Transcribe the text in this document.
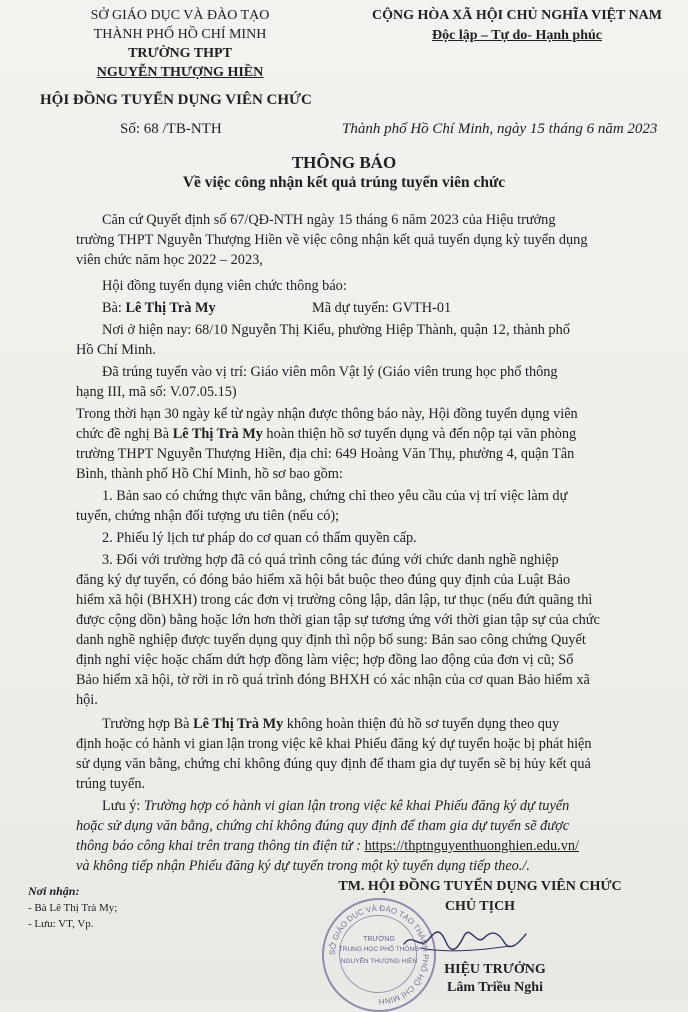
SỞ GIÁO DỤC VÀ ĐÀO TẠO
THÀNH PHỐ HỒ CHÍ MINH
TRƯỜNG THPT
NGUYỄN THƯỢNG HIỀN
HỘI ĐỒNG TUYỂN DỤNG VIÊN CHỨC
Số: 68 /TB-NTH
CỘNG HÒA XÃ HỘI CHỦ NGHĨA VIỆT NAM
Độc lập – Tự do- Hạnh phúc
Thành phố Hồ Chí Minh, ngày 15 tháng 6 năm 2023
THÔNG BÁO
Về việc công nhận kết quả trúng tuyển viên chức
Căn cứ Quyết định số 67/QĐ-NTH ngày 15 tháng 6 năm 2023 của Hiệu trưởng
trường THPT Nguyễn Thượng Hiền về việc công nhận kết quả tuyển dụng kỳ tuyển dụng
viên chức năm học 2022 – 2023,
Hội đồng tuyển dụng viên chức thông báo:
Bà: Lê Thị Trà My	Mã dự tuyển: GVTH-01
Nơi ở hiện nay: 68/10 Nguyễn Thị Kiểu, phường Hiệp Thành, quận 12, thành phố
Hồ Chí Minh.
Đã trúng tuyển vào vị trí: Giáo viên môn Vật lý (Giáo viên trung học phổ thông
hạng III, mã số: V.07.05.15)
Trong thời hạn 30 ngày kể từ ngày nhận được thông báo này, Hội đồng tuyển dụng viên
chức đề nghị Bà Lê Thị Trà My hoàn thiện hồ sơ tuyển dụng và đến nộp tại văn phòng
trường THPT Nguyễn Thượng Hiền, địa chỉ: 649 Hoàng Văn Thụ, phường 4, quận Tân
Bình, thành phố Hồ Chí Minh, hồ sơ bao gồm:
1. Bản sao có chứng thực văn bằng, chứng chỉ theo yêu cầu của vị trí việc làm dự
tuyển, chứng nhận đối tượng ưu tiên (nếu có);
2. Phiếu lý lịch tư pháp do cơ quan có thẩm quyền cấp.
3. Đối với trường hợp đã có quá trình công tác đúng với chức danh nghề nghiệp
đăng ký dự tuyển, có đóng bảo hiểm xã hội bắt buộc theo đúng quy định của Luật Bảo
hiểm xã hội (BHXH) trong các đơn vị trường công lập, dân lập, tư thục (nếu đứt quãng thì
được cộng dồn) bằng hoặc lớn hơn thời gian tập sự tương ứng với thời gian tập sự của chức
danh nghề nghiệp được tuyển dụng quy định thì nộp bổ sung: Bản sao công chứng Quyết
định nghỉ việc hoặc chấm dứt hợp đồng làm việc; hợp đồng lao động của đơn vị cũ; Sổ
Bảo hiểm xã hội, tờ rời in rõ quá trình đóng BHXH có xác nhận của cơ quan Bảo hiểm xã
hội.
Trường hợp Bà Lê Thị Trà My không hoàn thiện đủ hồ sơ tuyển dụng theo quy
định hoặc có hành vi gian lận trong việc kê khai Phiếu đăng ký dự tuyển hoặc bị phát hiện
sử dụng văn bằng, chứng chỉ không đúng quy định để tham gia dự tuyển sẽ bị hủy kết quả
trúng tuyển.
Lưu ý: Trường hợp có hành vi gian lận trong việc kê khai Phiếu đăng ký dự tuyển
hoặc sử dụng văn bằng, chứng chỉ không đúng quy định để tham gia dự tuyển sẽ được
thông báo công khai trên trang thông tin điện tử : https://thptnguyenthuonghien.edu.vn/
và không tiếp nhận Phiếu đăng ký dự tuyển trong một kỳ tuyển dụng tiếp theo./.
Nơi nhận:
- Bà Lê Thị Trà My;
- Lưu: VT, Vp.
TM. HỘI ĐỒNG TUYỂN DỤNG VIÊN CHỨC
CHỦ TỊCH
SỞ GIÁO DỤC VÀ ĐÀO TẠO THÀNH PHỐ HỒ CHÍ MINH
TRƯỜNG
TRUNG HỌC PHỔ THÔNG
NGUYỄN THƯỢNG HIỀN
HIỆU TRƯỞNG
Lâm Triều Nghi
